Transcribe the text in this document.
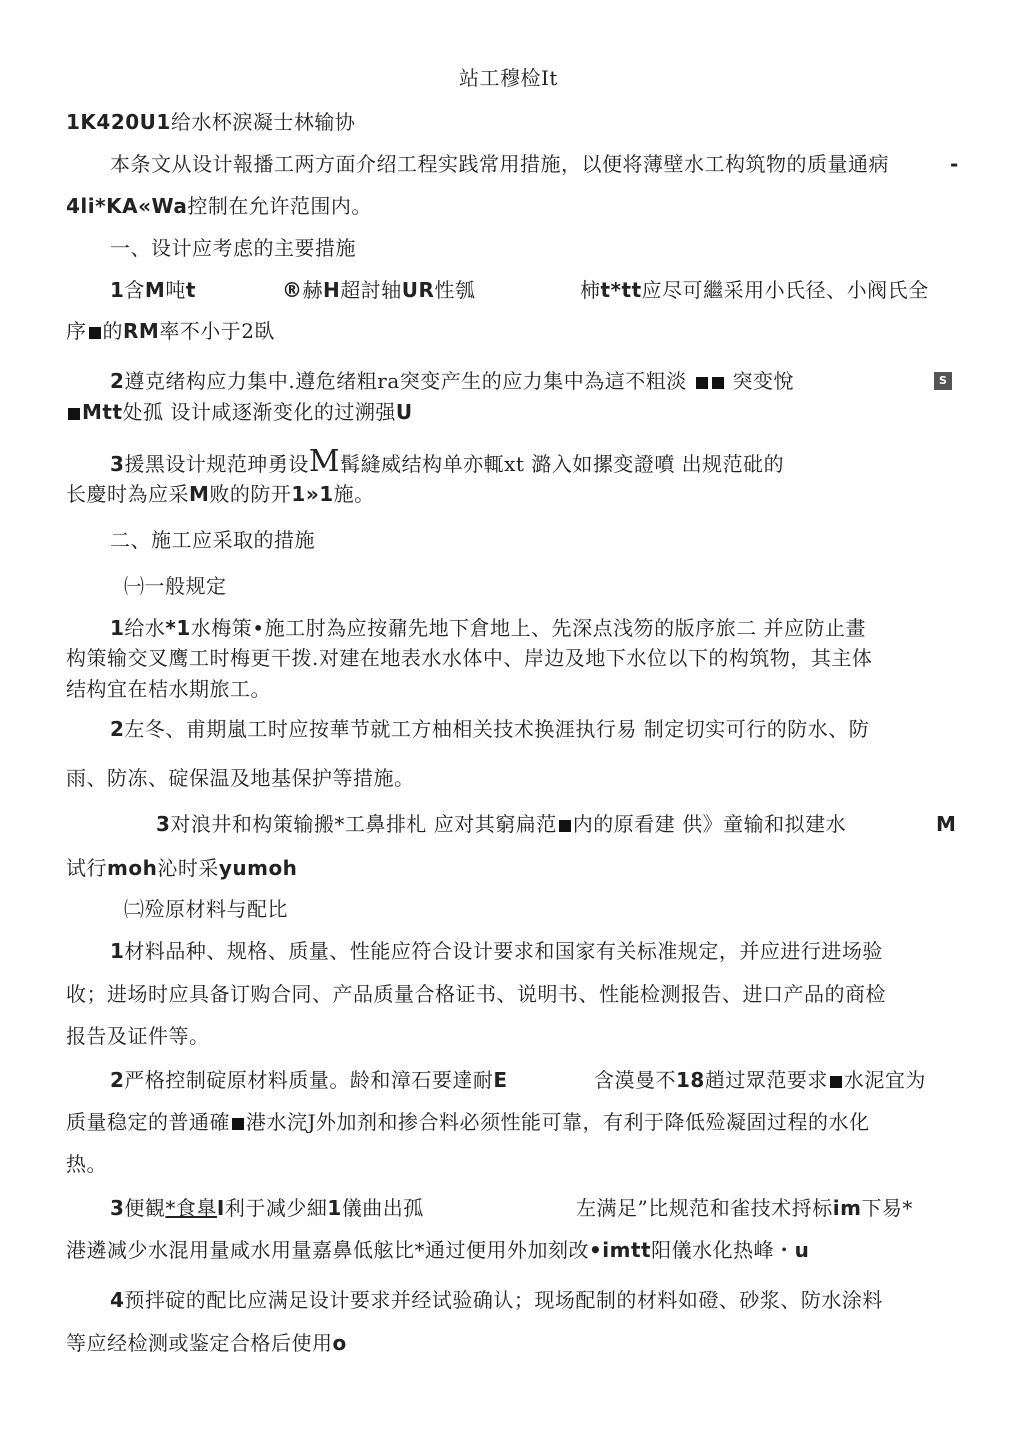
站工穆检It
1K420U1给水杯淚凝士林输协
本条文从设计報播工两方面介绍工程实践常用措施，以便将薄壁水工构筑物的质量通病	-
4li*KA«Wa控制在允许范围内。
一、设计应考虑的主要措施
1含M吨t	®赫H超討轴UR性瓠	柿t*tt应尽可繼采用小氏径、小阀氏全
序 的RM率不小于2臥
2遵克绪构应力集中.遵危绪粗ra突变产生的应力集中為這不粗淡 突变悅	S
Mtt处孤 设计咸逐渐变化的过溯强U
3援黑设计规范珅勇设M髯縫威结构单亦輒xt 潞入如摞变證噴 出规范砒的
长慶时為应采M败的防开1»1施。
二、施工应采取的措施
㈠一般规定
1给水*1水梅策•施工肘為应按鼐先地下倉地上、先深点浅笏的版序旅二 并应防止畫
构策输交叉鹰工时梅更干拨.对建在地表水水体中、岸边及地下水位以下的构筑物，其主体
结构宜在桔水期旅工。
2左冬、甫期嵐工时应按華节就工方柚相关技术换涯执行易 制定切实可行的防水、防
雨、防冻、碇保温及地基保护等措施。
3对浪井和构策输搬*工鼻排札 应对其窮扁范 内的原看建 供》童输和拟建水	M
试行moh沁时采yumoh
㈡殓原材料与配比
1材料品种、规格、质量、性能应符合设计要求和国家有关标准规定，并应进行进场验
收；进场时应具备订购合同、产品质量合格证书、说明书、性能检测报告、进口产品的商检
报告及证件等。
2严格控制碇原材料质量。龄和漳石要達耐E	含漠曼不18趙过眾范要求 水泥宜为
质量稳定的普通確 港水浣J外加剂和掺合料必须性能可靠，有利于降低殓凝固过程的水化
热。
3便観*食臯I利于减少細1儀曲出孤	左满足”比规范和雀技术捋标im下易*
港遴减少水混用量咸水用量嘉鼻低舷比*通过便用外加刻改•imtt阳儀水化热峰・u
4预拌碇的配比应满足设计要求并经试验确认；现场配制的材料如磴、砂浆、防水涂料
等应经检测或鉴定合格后使用o
